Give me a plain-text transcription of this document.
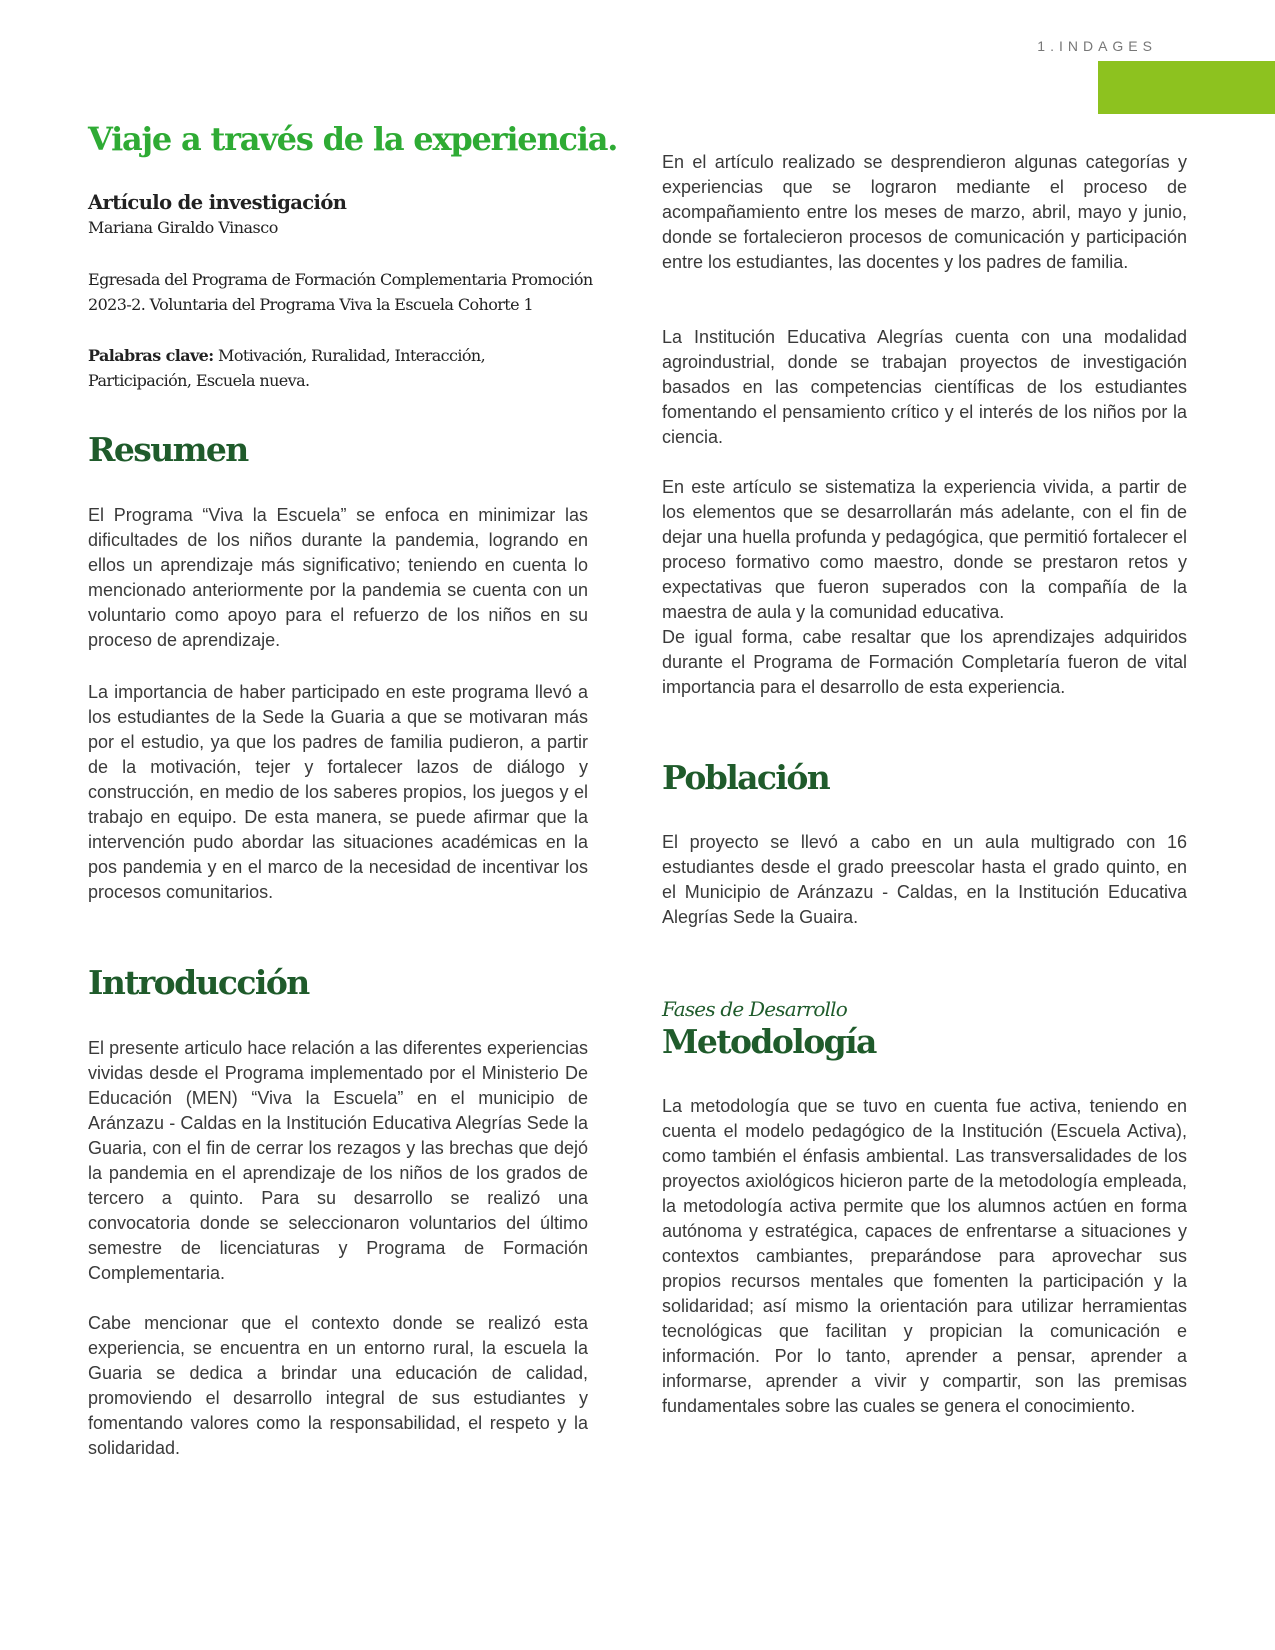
1.INDAGES
Viaje a través de la experiencia.

Artículo de investigación

Mariana Giraldo Vinasco

Egresada del Programa de Formación Complementaria Promoción
2023-2. Voluntaria del Programa Viva la Escuela Cohorte 1

Palabras clave: Motivación, Ruralidad, Interacción,
Participación, Escuela nueva.

Resumen

El Programa “Viva la Escuela” se enfoca en minimizar las dificultades de los niños durante la pandemia, logrando en ellos un aprendizaje más significativo; teniendo en cuenta lo mencionado anteriormente por la pandemia se cuenta con un voluntario como apoyo para el refuerzo de los niños en su proceso de aprendizaje.

La importancia de haber participado en este programa llevó a los estudiantes de la Sede la Guaria a que se motivaran más por el estudio, ya que los padres de familia pudieron, a partir de la motivación, tejer y fortalecer lazos de diálogo y construcción, en medio de los saberes propios, los juegos y el trabajo en equipo. De esta manera, se puede afirmar que la intervención pudo abordar las situaciones académicas en la pos pandemia y en el marco de la necesidad de incentivar los procesos comunitarios.

Introducción

El presente articulo hace relación a las diferentes experiencias vividas desde el Programa implementado por el Ministerio De Educación (MEN) “Viva la Escuela” en el municipio de Aránzazu - Caldas en la Institución Educativa Alegrías Sede la Guaria, con el fin de cerrar los rezagos y las brechas que dejó la pandemia en el aprendizaje de los niños de los grados de tercero a quinto. Para su desarrollo se realizó una convocatoria donde se seleccionaron voluntarios del último semestre de licenciaturas y Programa de Formación Complementaria.

Cabe mencionar que el contexto donde se realizó esta experiencia, se encuentra en un entorno rural, la escuela la Guaria se dedica a brindar una educación de calidad, promoviendo el desarrollo integral de sus estudiantes y fomentando valores como la responsabilidad, el respeto y la solidaridad.

En el artículo realizado se desprendieron algunas categorías y experiencias que se lograron mediante el proceso de acompañamiento entre los meses de marzo, abril, mayo y junio, donde se fortalecieron procesos de comunicación y participación entre los estudiantes, las docentes y los padres de familia.

La Institución Educativa Alegrías cuenta con una modalidad agroindustrial, donde se trabajan proyectos de investigación basados en las competencias científicas de los estudiantes fomentando el pensamiento crítico y el interés de los niños por la ciencia.

En este artículo se sistematiza la experiencia vivida, a partir de los elementos que se desarrollarán más adelante, con el fin de dejar una huella profunda y pedagógica, que permitió fortalecer el proceso formativo como maestro, donde se prestaron retos y expectativas que fueron superados con la compañía de la maestra de aula y la comunidad educativa.

De igual forma, cabe resaltar que los aprendizajes adquiridos durante el Programa de Formación Completaría fueron de vital importancia para el desarrollo de esta experiencia.

Población

El proyecto se llevó a cabo en un aula multigrado con 16 estudiantes desde el grado preescolar hasta el grado quinto, en el Municipio de Aránzazu - Caldas, en la Institución Educativa Alegrías Sede la Guaira.

Fases de Desarrollo

Metodología

La metodología que se tuvo en cuenta fue activa, teniendo en cuenta el modelo pedagógico de la Institución (Escuela Activa), como también el énfasis ambiental. Las transversalidades de los proyectos axiológicos hicieron parte de la metodología empleada, la metodología activa permite que los alumnos actúen en forma autónoma y estratégica, capaces de enfrentarse a situaciones y contextos cambiantes, preparándose para aprovechar sus propios recursos mentales que fomenten la participación y la solidaridad; así mismo la orientación para utilizar herramientas tecnológicas que facilitan y propician la comunicación e información. Por lo tanto, aprender a pensar, aprender a informarse, aprender a vivir y compartir, son las premisas fundamentales sobre las cuales se genera el conocimiento.
